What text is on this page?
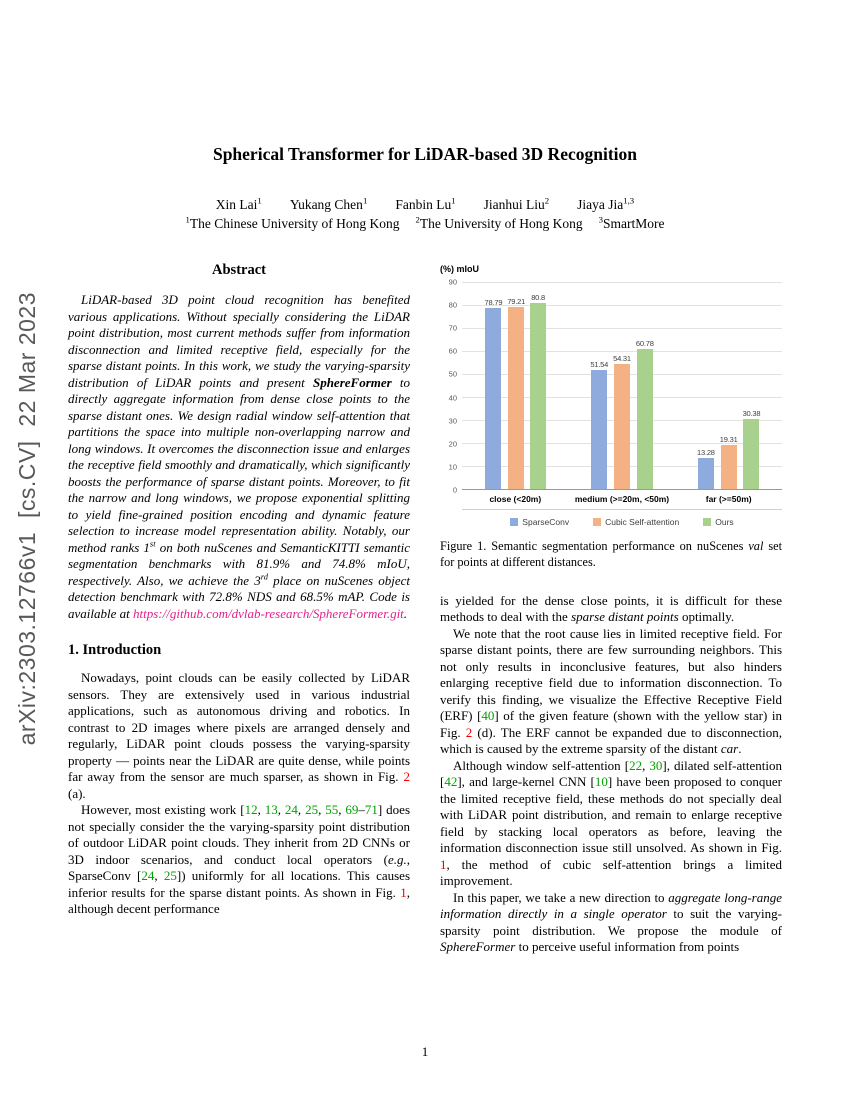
arXiv:2303.12766v1  [cs.CV]  22 Mar 2023
Spherical Transformer for LiDAR-based 3D Recognition
Xin Lai$^1$ Yukang Chen$^1$ Fanbin Lu$^1$ Jianhui Liu$^2$ Jiaya Jia$^{1,3}$
$^1$The Chinese University of Hong Kong $^2$The University of Hong Kong $^3$SmartMore
Abstract

LiDAR-based 3D point cloud recognition has benefited various applications. Without specially considering the LiDAR point distribution, most current methods suffer from information disconnection and limited receptive field, especially for the sparse distant points. In this work, we study the varying-sparsity distribution of LiDAR points and present SphereFormer to directly aggregate information from dense close points to the sparse distant ones. We design radial window self-attention that partitions the space into multiple non-overlapping narrow and long windows. It overcomes the disconnection issue and enlarges the receptive field smoothly and dramatically, which significantly boosts the performance of sparse distant points. Moreover, to fit the narrow and long windows, we propose exponential splitting to yield fine-grained position encoding and dynamic feature selection to increase model representation ability. Notably, our method ranks 1st on both nuScenes and SemanticKITTI semantic segmentation benchmarks with 81.9% and 74.8% mIoU, respectively. Also, we achieve the 3rd place on nuScenes object detection benchmark with 72.8% NDS and 68.5% mAP. Code is available at https://github.com/dvlab-research/SphereFormer.git.

1. Introduction

Nowadays, point clouds can be easily collected by LiDAR sensors. They are extensively used in various industrial applications, such as autonomous driving and robotics. In contrast to 2D images where pixels are arranged densely and regularly, LiDAR point clouds possess the varying-sparsity property — points near the LiDAR are quite dense, while points far away from the sensor are much sparser, as shown in Fig. 2 (a).

However, most existing work [12, 13, 24, 25, 55, 69–71] does not specially consider the the varying-sparsity point distribution of outdoor LiDAR point clouds. They inherit from 2D CNNs or 3D indoor scenarios, and conduct local operators (e.g., SparseConv [24, 25]) uniformly for all locations. This causes inferior results for the sparse distant points. As shown in Fig. 1, although decent performance

(%) mIoU
0
10
20
30
40
50
60
70
80
90
78.79 79.21 80.8
51.54
54.31
60.78
13.28
19.31
30.38
close (<20m)	medium (>=20m, <50m)	far (>=50m)
SparseConv	Cubic Self-attention	Ours
Figure 1. Semantic segmentation performance on nuScenes val set for points at different distances.

is yielded for the dense close points, it is difficult for these methods to deal with the sparse distant points optimally.

We note that the root cause lies in limited receptive field. For sparse distant points, there are few surrounding neighbors. This not only results in inconclusive features, but also hinders enlarging receptive field due to information disconnection. To verify this finding, we visualize the Effective Receptive Field (ERF) [40] of the given feature (shown with the yellow star) in Fig. 2 (d). The ERF cannot be expanded due to disconnection, which is caused by the extreme sparsity of the distant car.

Although window self-attention [22, 30], dilated self-attention [42], and large-kernel CNN [10] have been proposed to conquer the limited receptive field, these methods do not specially deal with LiDAR point distribution, and remain to enlarge receptive field by stacking local operators as before, leaving the information disconnection issue still unsolved. As shown in Fig. 1, the method of cubic self-attention brings a limited improvement.

In this paper, we take a new direction to aggregate long-range information directly in a single operator to suit the varying-sparsity point distribution. We propose the module of SphereFormer to perceive useful information from points

1
